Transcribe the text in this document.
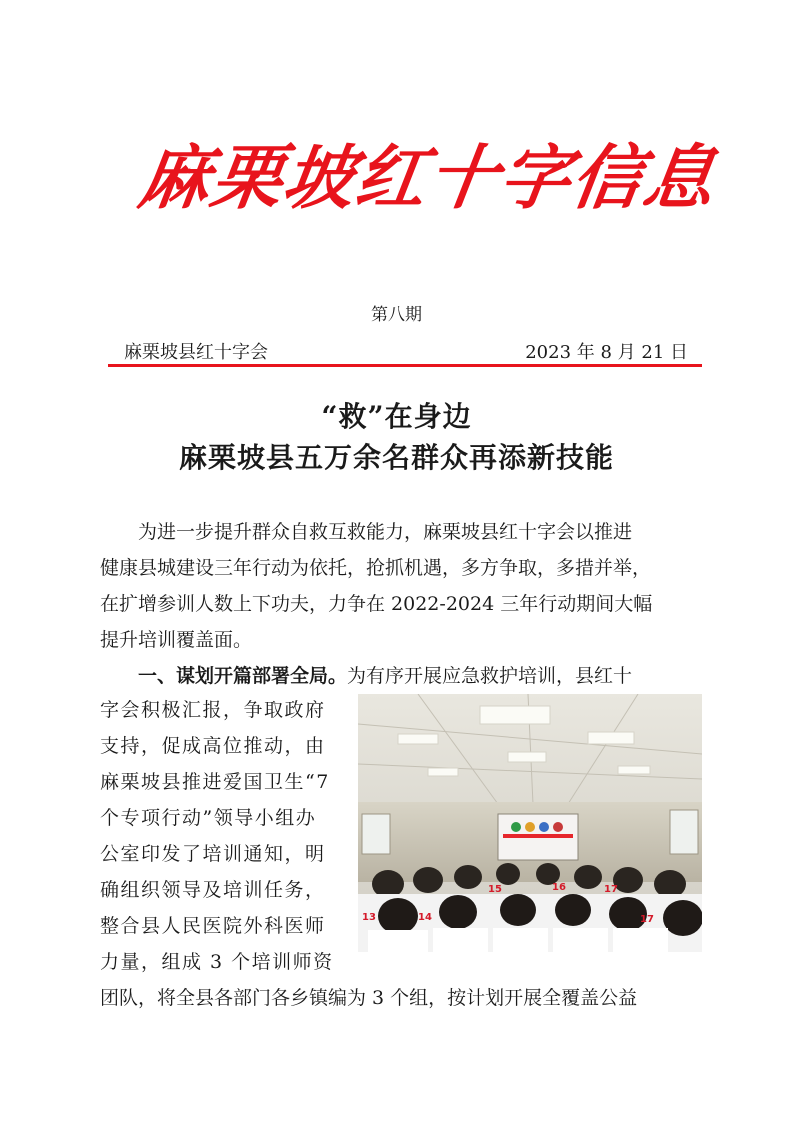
麻栗坡红十字信息
第八期
麻栗坡县红十字会	2023 年 8 月 21 日
“救”在身边
麻栗坡县五万余名群众再添新技能

为进一步提升群众自救互救能力，麻栗坡县红十字会以推进

健康县城建设三年行动为依托，抢抓机遇，多方争取，多措并举，
在扩增参训人数上下功夫，力争在 2022-2024 三年行动期间大幅
提升培训覆盖面。

一、谋划开篇部署全局。为有序开展应急救护培训，县红十

字会积极汇报，争取政府
支持，促成高位推动，由
麻栗坡县推进爱国卫生“7
个专项行动”领导小组办
公室印发了培训通知，明
确组织领导及培训任务，
整合县人民医院外科医师
力量，组成 3 个培训师资
13	14
15	16	17
17
团队，将全县各部门各乡镇编为 3 个组，按计划开展全覆盖公益
